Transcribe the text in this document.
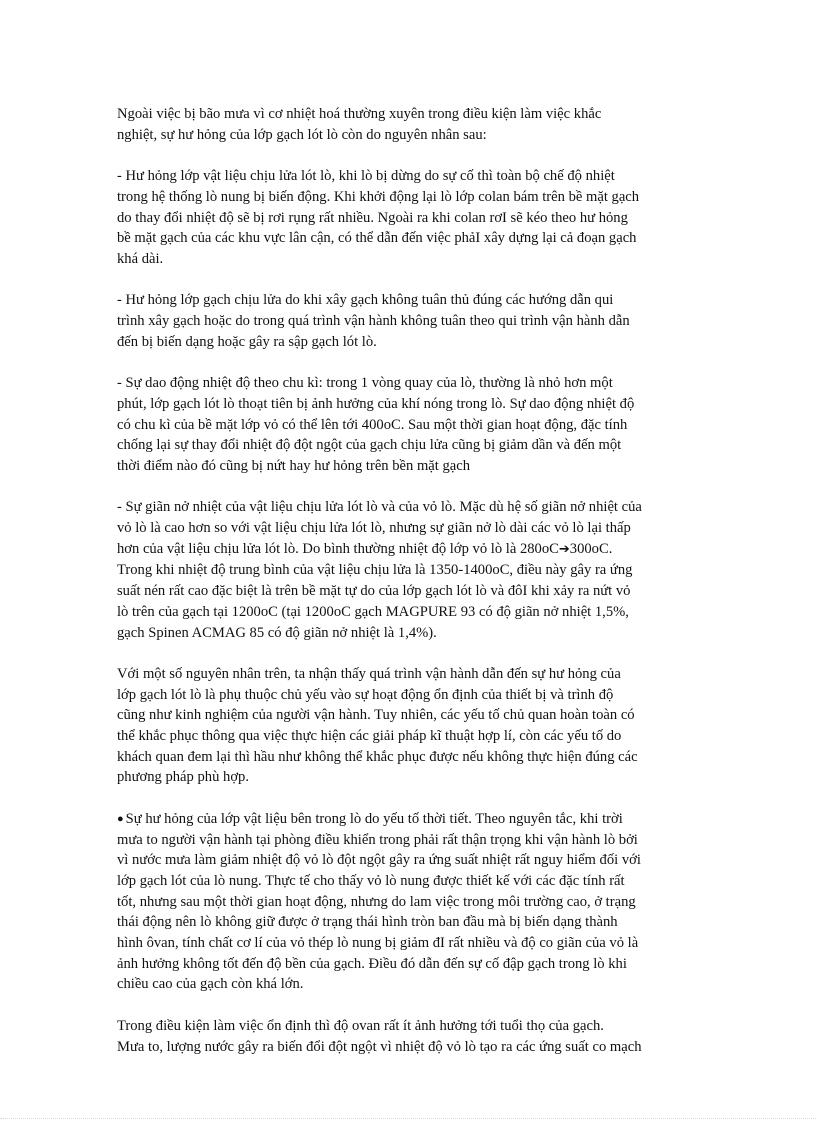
Ngoài việc bị bão mưa vì cơ nhiệt hoá thường xuyên trong điều kiện làm việc khắc
nghiệt, sự hư hỏng của lớp gạch lót lò còn do nguyên nhân sau:
- Hư hỏng lớp vật liệu chịu lửa lót lò, khi lò bị dừng do sự cố thì toàn bộ chế độ nhiệt
trong hệ thống lò nung bị biến động. Khi khởi động lại lò lớp colan bám trên bề mặt gạch
do thay đổi nhiệt độ sẽ bị rơi rụng rất nhiều. Ngoài ra khi colan rơI sẽ kéo theo hư hỏng
bề mặt gạch của các khu vực lân cận, có thể dẫn đến việc phảI xây dựng lại cả đoạn gạch
khá dài.
- Hư hỏng lớp gạch chịu lửa do khi xây gạch không tuân thủ đúng các hướng dẫn qui
trình xây gạch hoặc do trong quá trình vận hành không tuân theo qui trình vận hành dẫn
đến bị biến dạng hoặc gây ra sập gạch lót lò.
- Sự dao động nhiệt độ theo chu kì: trong 1 vòng quay của lò, thường là nhỏ hơn một
phút, lớp gạch lót lò thoạt tiên bị ảnh hưởng của khí nóng trong lò. Sự dao động nhiệt độ
có chu kì của bề mặt lớp vỏ có thể lên tới 400oC. Sau một thời gian hoạt động, đặc tính
chống lại sự thay đổi nhiệt độ đột ngột của gạch chịu lửa cũng bị giảm dần và đến một
thời điểm nào đó cũng bị nứt hay hư hỏng trên bền mặt gạch
- Sự giãn nở nhiệt của vật liệu chịu lửa lót lò và của vỏ lò. Mặc dù hệ số giãn nở nhiệt của
vỏ lò là cao hơn so với vật liệu chịu lửa lót lò, nhưng sự giãn nở lò dài các vỏ lò lại thấp
hơn của vật liệu chịu lửa lót lò. Do bình thường nhiệt độ lớp vỏ lò là 280oC➔300oC.
Trong khi nhiệt độ trung bình của vật liệu chịu lửa là 1350-1400oC, điều này gây ra ứng
suất nén rất cao đặc biệt là trên bề mặt tự do của lớp gạch lót lò và đôI khi xảy ra nứt vỏ
lò trên của gạch tại 1200oC (tại 1200oC gạch MAGPURE 93 có độ giãn nở nhiệt 1,5%,
gạch Spinen ACMAG 85 có độ giãn nở nhiệt là 1,4%).
Với một số nguyên nhân trên, ta nhận thấy quá trình vận hành dẫn đến sự hư hỏng của
lớp gạch lót lò là phụ thuộc chủ yếu vào sự hoạt động ổn định của thiết bị và trình độ
cũng như kinh nghiệm của người vận hành. Tuy nhiên, các yếu tố chủ quan hoàn toàn có
thể khắc phục thông qua việc thực hiện các giải pháp kĩ thuật hợp lí, còn các yếu tố do
khách quan đem lại thì hầu như không thể khắc phục được nếu không thực hiện đúng các
phương pháp phù hợp.
● Sự hư hỏng của lớp vật liệu bên trong lò do yếu tố thời tiết. Theo nguyên tắc, khi trời
mưa to người vận hành tại phòng điều khiển trong phải rất thận trọng khi vận hành lò bởi
vì nước mưa làm giảm nhiệt độ vỏ lò đột ngột gây ra ứng suất nhiệt rất nguy hiểm đối với
lớp gạch lót của lò nung. Thực tế cho thấy vỏ lò nung được thiết kế với các đặc tính rất
tốt, nhưng sau một thời gian hoạt động, nhưng do lam việc trong môi trường cao, ở trạng
thái động nên lò không giữ được ở trạng thái hình tròn ban đầu mà bị biến dạng thành
hình ôvan, tính chất cơ lí của vỏ thép lò nung bị giảm đI rất nhiều và độ co giãn của vỏ là
ảnh hưởng không tốt đến độ bền của gạch. Điều đó dẫn đến sự cố đập gạch trong lò khi
chiều cao của gạch còn khá lớn.
Trong điều kiện làm việc ổn định thì độ ovan rất ít ảnh hưởng tới tuổi thọ của gạch.
Mưa to, lượng nước gây ra biến đổi đột ngột vì nhiệt độ vỏ lò tạo ra các ứng suất co mạch
